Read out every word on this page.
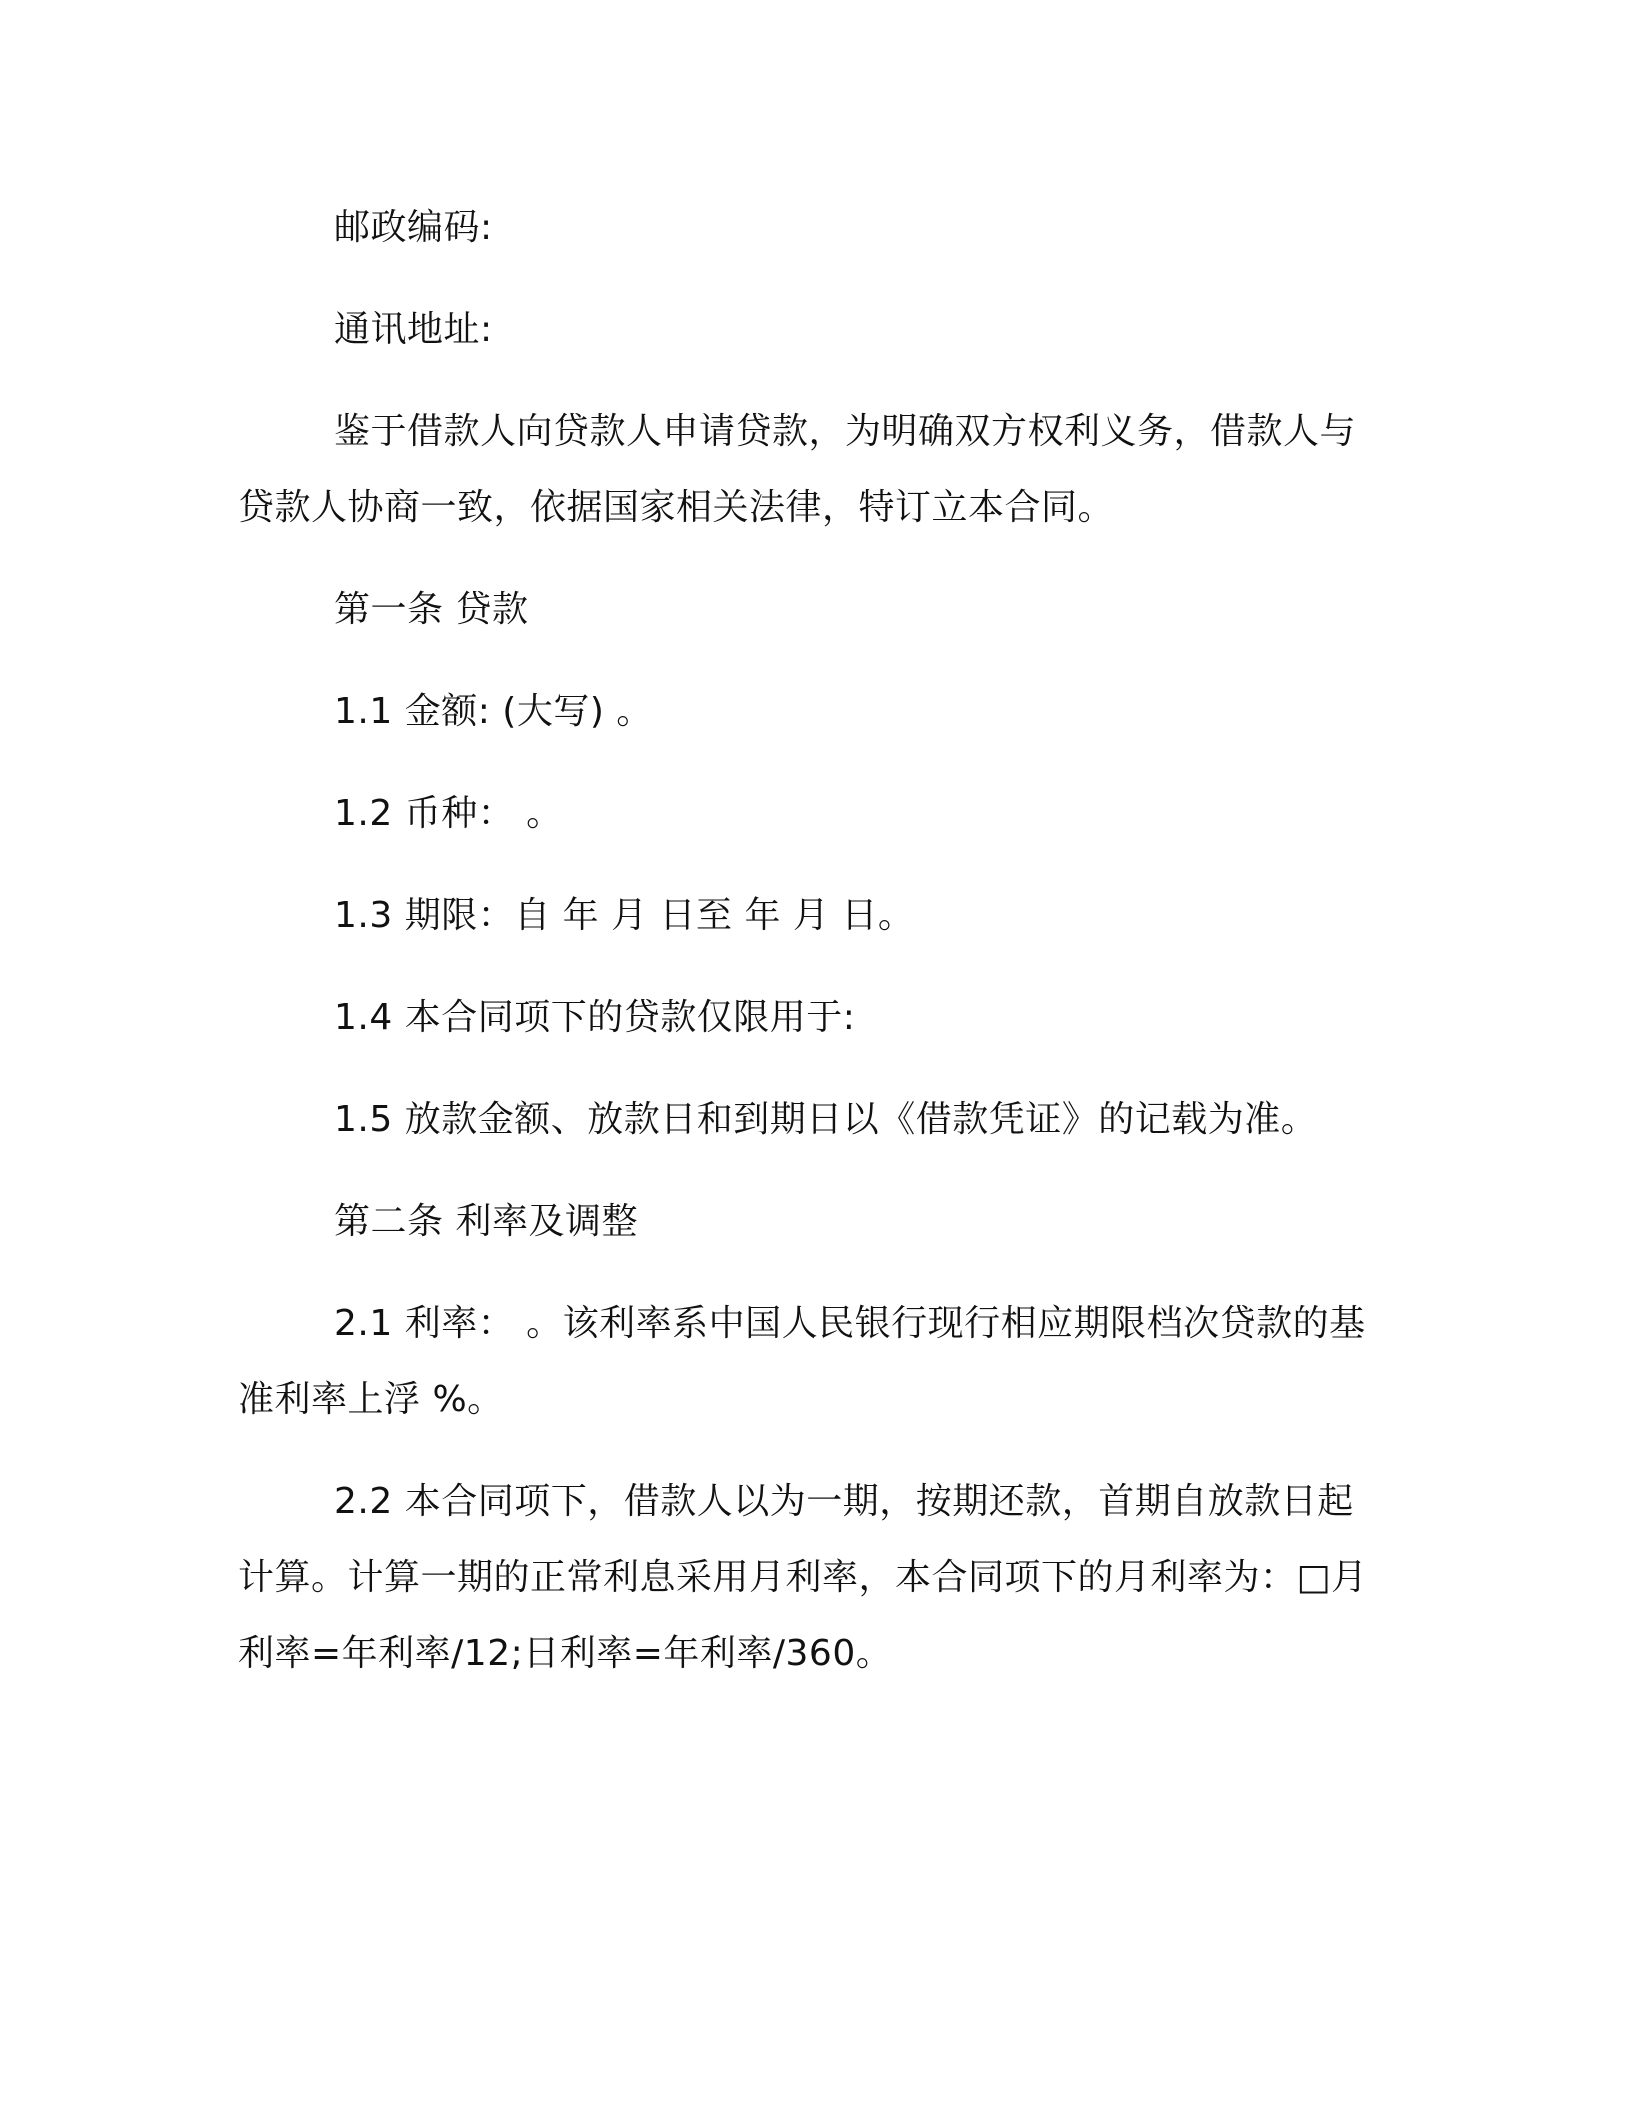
邮政编码:

通讯地址:

鉴于借款人向贷款人申请贷款，为明确双方权利义务，借款人与贷款人协商一致，依据国家相关法律，特订立本合同。

第一条 贷款

1.1 金额: (大写) 。

1.2 币种： 。

1.3 期限：自 年 月 日至 年 月 日。

1.4 本合同项下的贷款仅限用于:

1.5 放款金额、放款日和到期日以《借款凭证》的记载为准。

第二条 利率及调整

2.1 利率： 。该利率系中国人民银行现行相应期限档次贷款的基准利率上浮 %。

2.2 本合同项下，借款人以为一期，按期还款，首期自放款日起计算。计算一期的正常利息采用月利率，本合同项下的月利率为：□月利率=年利率/12;日利率=年利率/360。
